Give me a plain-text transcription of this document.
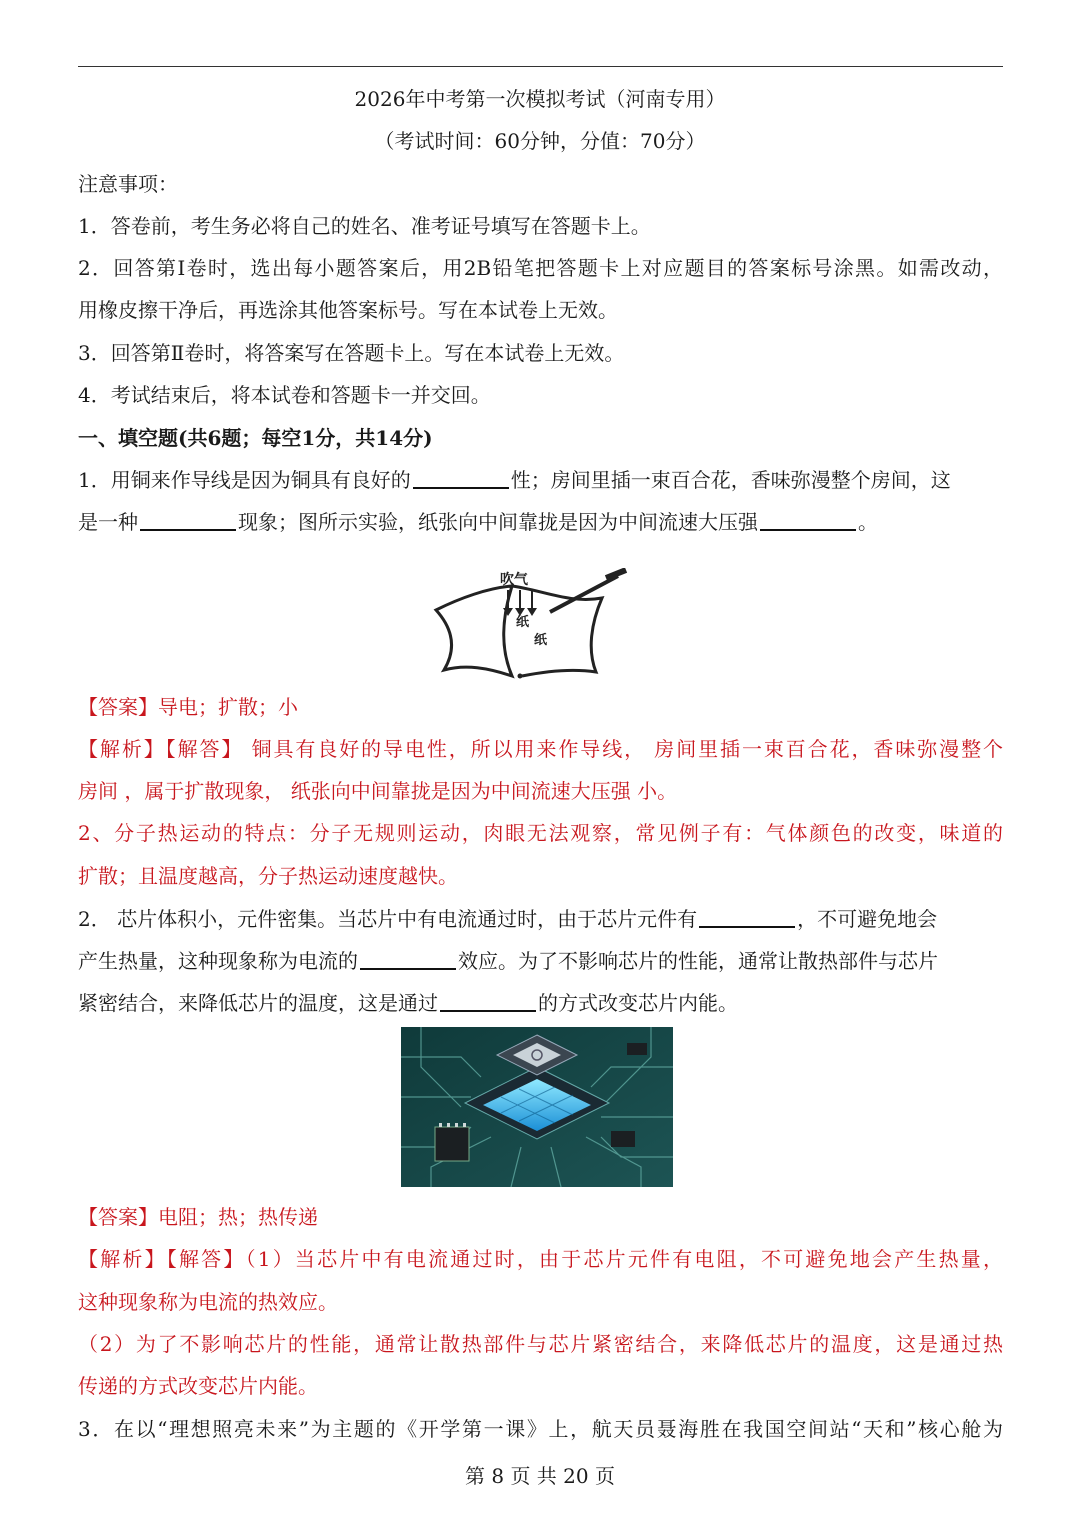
2026年中考第一次模拟考试（河南专用）
（考试时间：60分钟，分值：70分）
注意事项：
1．答卷前，考生务必将自己的姓名、准考证号填写在答题卡上。
2．回答第Ⅰ卷时，选出每小题答案后，用2B铅笔把答题卡上对应题目的答案标号涂黑。如需改动，
用橡皮擦干净后，再选涂其他答案标号。写在本试卷上无效。
3．回答第Ⅱ卷时，将答案写在答题卡上。写在本试卷上无效。
4．考试结束后，将本试卷和答题卡一并交回。
一、填空题(共6题；每空1分，共14分)
1．用铜来作导线是因为铜具有良好的	性；房间里插一束百合花，香味弥漫整个房间，这
是一种	现象；图所示实验，纸张向中间靠拢是因为中间流速大压强	。
吹气
纸
纸
【答案】导电；扩散；小
【解析】【解答】 铜具有良好的导电性，所以用来作导线， 房间里插一束百合花，香味弥漫整个
房间 ，属于扩散现象， 纸张向中间靠拢是因为中间流速大压强 小。
2、分子热运动的特点：分子无规则运动，肉眼无法观察，常见例子有：气体颜色的改变，味道的
扩散；且温度越高，分子热运动速度越快。
2． 芯片体积小，元件密集。当芯片中有电流通过时，由于芯片元件有	，不可避免地会
产生热量，这种现象称为电流的	效应。为了不影响芯片的性能，通常让散热部件与芯片
紧密结合，来降低芯片的温度，这是通过	的方式改变芯片内能。
【答案】电阻；热；热传递
【解析】【解答】（1）当芯片中有电流通过时，由于芯片元件有电阻，不可避免地会产生热量，
这种现象称为电流的热效应。
（2）为了不影响芯片的性能，通常让散热部件与芯片紧密结合，来降低芯片的温度，这是通过热
传递的方式改变芯片内能。
3．在以“理想照亮未来”为主题的《开学第一课》上，航天员聂海胜在我国空间站“天和”核心舱为
第 8 页 共 20 页
